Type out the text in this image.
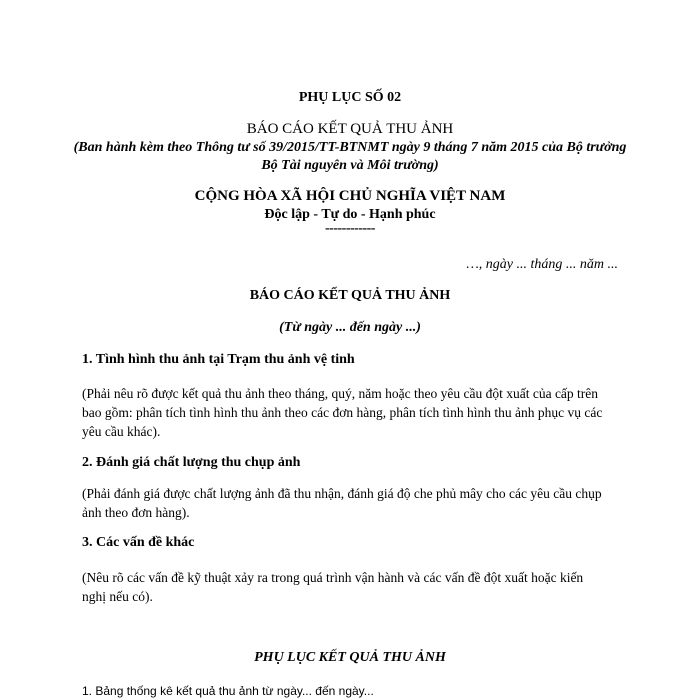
PHỤ LỤC SỐ 02
BÁO CÁO KẾT QUẢ THU ẢNH
(Ban hành kèm theo Thông tư số 39/2015/TT-BTNMT ngày 9 tháng 7 năm 2015 của Bộ trưởng
Bộ Tài nguyên và Môi trường)
CỘNG HÒA XÃ HỘI CHỦ NGHĨA VIỆT NAM
Độc lập - Tự do - Hạnh phúc
------------
…, ngày ... tháng ... năm ...
BÁO CÁO KẾT QUẢ THU ẢNH
(Từ ngày ... đến ngày ...)
1. Tình hình thu ảnh tại Trạm thu ảnh vệ tinh
(Phải nêu rõ được kết quả thu ảnh theo tháng, quý, năm hoặc theo yêu cầu đột xuất của cấp trên
bao gồm: phân tích tình hình thu ảnh theo các đơn hàng, phân tích tình hình thu ảnh phục vụ các
yêu cầu khác).
2. Đánh giá chất lượng thu chụp ảnh
(Phải đánh giá được chất lượng ảnh đã thu nhận, đánh giá độ che phủ mây cho các yêu cầu chụp
ảnh theo đơn hàng).
3. Các vấn đề khác
(Nêu rõ các vấn đề kỹ thuật xảy ra trong quá trình vận hành và các vấn đề đột xuất hoặc kiến
nghị nếu có).
PHỤ LỤC KẾT QUẢ THU ẢNH
1. Bảng thống kê kết quả thu ảnh từ ngày... đến ngày...
